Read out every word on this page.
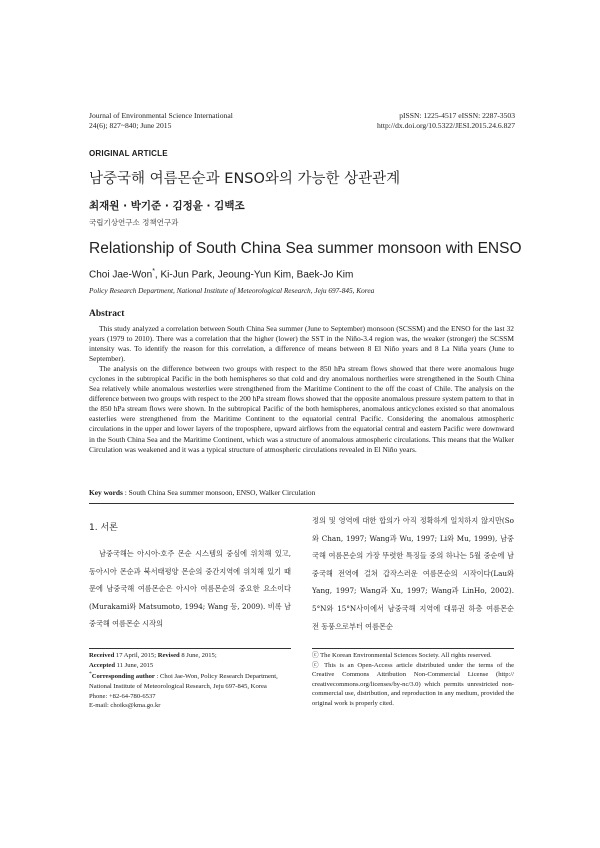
Journal of Environmental Science International
24(6); 827~840; June 2015
pISSN: 1225-4517 eISSN: 2287-3503
http://dx.doi.org/10.5322/JESI.2015.24.6.827
ORIGINAL ARTICLE
남중국해 여름몬순과 ENSO와의 가능한 상관관계
최재원 · 박기준 · 김정윤 · 김백조
국립기상연구소 정책연구과
Relationship of South China Sea summer monsoon with ENSO
Choi Jae-Won*, Ki-Jun Park, Jeoung-Yun Kim, Baek-Jo Kim
Policy Research Department, National Institute of Meteorological Research, Jeju 697-845, Korea
Abstract

This study analyzed a correlation between South China Sea summer (June to September) monsoon (SCSSM) and the ENSO for the last 32 years (1979 to 2010). There was a correlation that the higher (lower) the SST in the Niño-3.4 region was, the weaker (stronger) the SCSSM intensity was. To identify the reason for this correlation, a difference of means between 8 El Niño years and 8 La Niña years (June to September).

The analysis on the difference between two groups with respect to the 850 hPa stream flows showed that there were anomalous huge cyclones in the subtropical Pacific in the both hemispheres so that cold and dry anomalous northerlies were strengthened in the South China Sea relatively while anomalous westerlies were strengthened from the Maritime Continent to the off the coast of Chile. The analysis on the difference between two groups with respect to the 200 hPa stream flows showed that the opposite anomalous pressure system pattern to that in the 850 hPa stream flows were shown. In the subtropical Pacific of the both hemispheres, anomalous anticyclones existed so that anomalous easterlies were strengthened from the Maritime Continent to the equatorial central Pacific. Considering the anomalous atmospheric circulations in the upper and lower layers of the troposphere, upward airflows from the equatorial central and eastern Pacific were downward in the South China Sea and the Maritime Continent, which was a structure of anomalous atmospheric circulations. This means that the Walker Circulation was weakened and it was a typical structure of atmospheric circulations revealed in El Niño years.

Key words : South China Sea summer monsoon, ENSO, Walker Circulation
1. 서론

남중국해는 아시아-호주 몬순 시스템의 중심에 위치해 있고, 동아시아 몬순과 북서태평양 몬순의 중간지역에 위치해 있기 때문에 남중국해 여름몬순은 아시아 여름몬순의 중요한 요소이다(Murakami와 Matsumoto, 1994; Wang 등, 2009). 비록 남중국해 여름몬순 시작의

정의 및 영역에 대한 합의가 아직 정확하게 일치하지 않지만(So와 Chan, 1997; Wang과 Wu, 1997; Li와 Mu, 1999), 남중국해 여름몬순의 가장 뚜렷한 특징들 중의 하나는 5월 중순에 남중국해 전역에 걸쳐 갑작스러운 여름몬순의 시작이다(Lau와 Yang, 1997; Wang과 Xu, 1997; Wang과 LinHo, 2002). 5°N와 15°N사이에서 남중국해 지역에 대류권 하층 여름몬순 전 동풍으로부터 여름몬순

Received 17 April, 2015; Revised 8 June, 2015;
Accepted 11 June, 2015
*Corresponding author : Choi Jae-Won, Policy Research Department, National Institute of Meteorological Research, Jeju 697-845, Korea
Phone: +82-64-780-6537
E-mail: choiks@kma.go.kr
ⓒ The Korean Environmental Sciences Society. All rights reserved.
ⓒ This is an Open-Access article distributed under the terms of the Creative Commons Attribution Non-Commercial License (http:// creativecommons.org/licenses/by-nc/3.0) which permits unrestricted non-commercial use, distribution, and reproduction in any medium, provided the original work is properly cited.
